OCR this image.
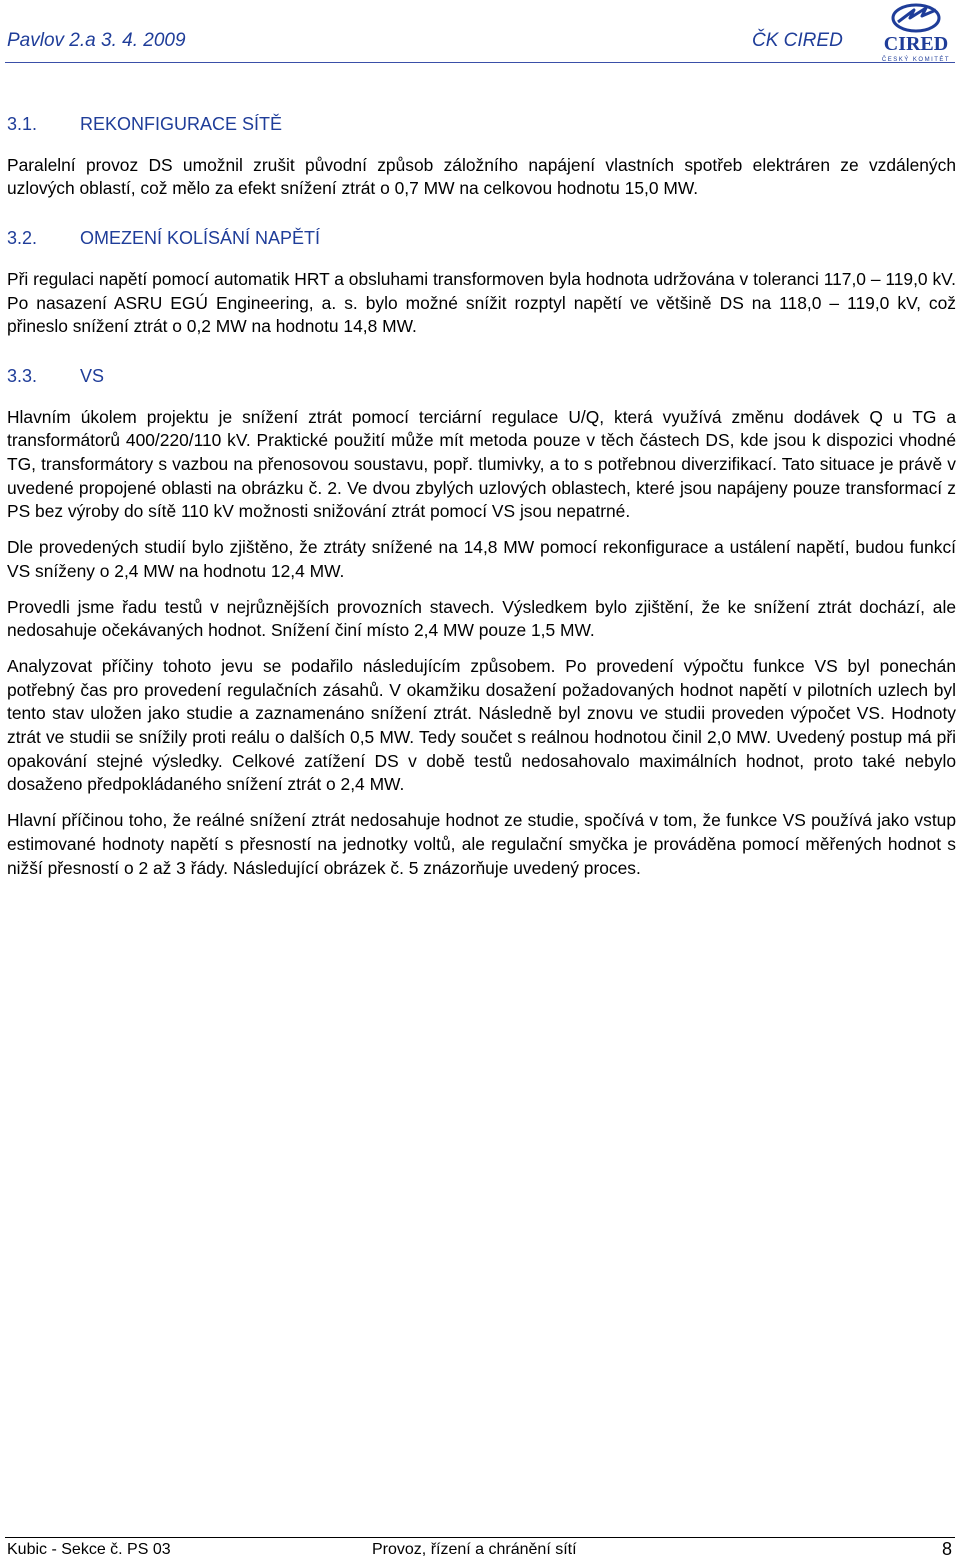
Pavlov 2.a 3. 4. 2009	ČK CIRED CIRED
ČESKÝ KOMITÉT
3.1.	REKONFIGURACE SÍTĚ

Paralelní provoz DS umožnil zrušit původní způsob záložního napájení vlastních spotřeb elektráren ze vzdálených uzlových oblastí, což mělo za efekt snížení ztrát o 0,7 MW na celkovou hodnotu 15,0 MW.

3.2.	OMEZENÍ KOLÍSÁNÍ NAPĚTÍ

Při regulaci napětí pomocí automatik HRT a obsluhami transformoven byla hodnota udržována v toleranci 117,0 – 119,0 kV. Po nasazení ASRU EGÚ Engineering, a. s. bylo možné snížit rozptyl napětí ve většině DS na 118,0 – 119,0 kV, což přineslo snížení ztrát o 0,2 MW na hodnotu 14,8 MW.

3.3.	VS

Hlavním úkolem projektu je snížení ztrát pomocí terciární regulace U/Q, která využívá změnu dodávek Q u TG a transformátorů 400/220/110 kV. Praktické použití může mít metoda pouze v těch částech DS, kde jsou k dispozici vhodné TG, transformátory s vazbou na přenosovou soustavu, popř. tlumivky, a to s potřebnou diverzifikací. Tato situace je právě v uvedené propojené oblasti na obrázku č. 2. Ve dvou zbylých uzlových oblastech, které jsou napájeny pouze transformací z PS bez výroby do sítě 110 kV možnosti snižování ztrát pomocí VS jsou nepatrné.

Dle provedených studií bylo zjištěno, že ztráty snížené na 14,8 MW pomocí rekonfigurace a ustálení napětí, budou funkcí VS sníženy o 2,4 MW na hodnotu 12,4 MW.

Provedli jsme řadu testů v nejrůznějších provozních stavech. Výsledkem bylo zjištění, že ke snížení ztrát dochází, ale nedosahuje očekávaných hodnot. Snížení činí místo 2,4 MW pouze 1,5 MW.

Analyzovat příčiny tohoto jevu se podařilo následujícím způsobem. Po provedení výpočtu funkce VS byl ponechán potřebný čas pro provedení regulačních zásahů. V okamžiku dosažení požadovaných hodnot napětí v pilotních uzlech byl tento stav uložen jako studie a zaznamenáno snížení ztrát. Následně byl znovu ve studii proveden výpočet VS. Hodnoty ztrát ve studii se snížily proti reálu o dalších 0,5 MW. Tedy součet s reálnou hodnotou činil 2,0 MW. Uvedený postup má při opakování stejné výsledky. Celkové zatížení DS v době testů nedosahovalo maximálních hodnot, proto také nebylo dosaženo předpokládaného snížení ztrát o 2,4 MW.

Hlavní příčinou toho, že reálné snížení ztrát nedosahuje hodnot ze studie, spočívá v tom, že funkce VS používá jako vstup estimované hodnoty napětí s přesností na jednotky voltů, ale regulační smyčka je prováděna pomocí měřených hodnot s nižší přesností o 2 až 3 řády. Následující obrázek č. 5 znázorňuje uvedený proces.

Kubic - Sekce č. PS 03	Provoz, řízení a chránění sítí	8
